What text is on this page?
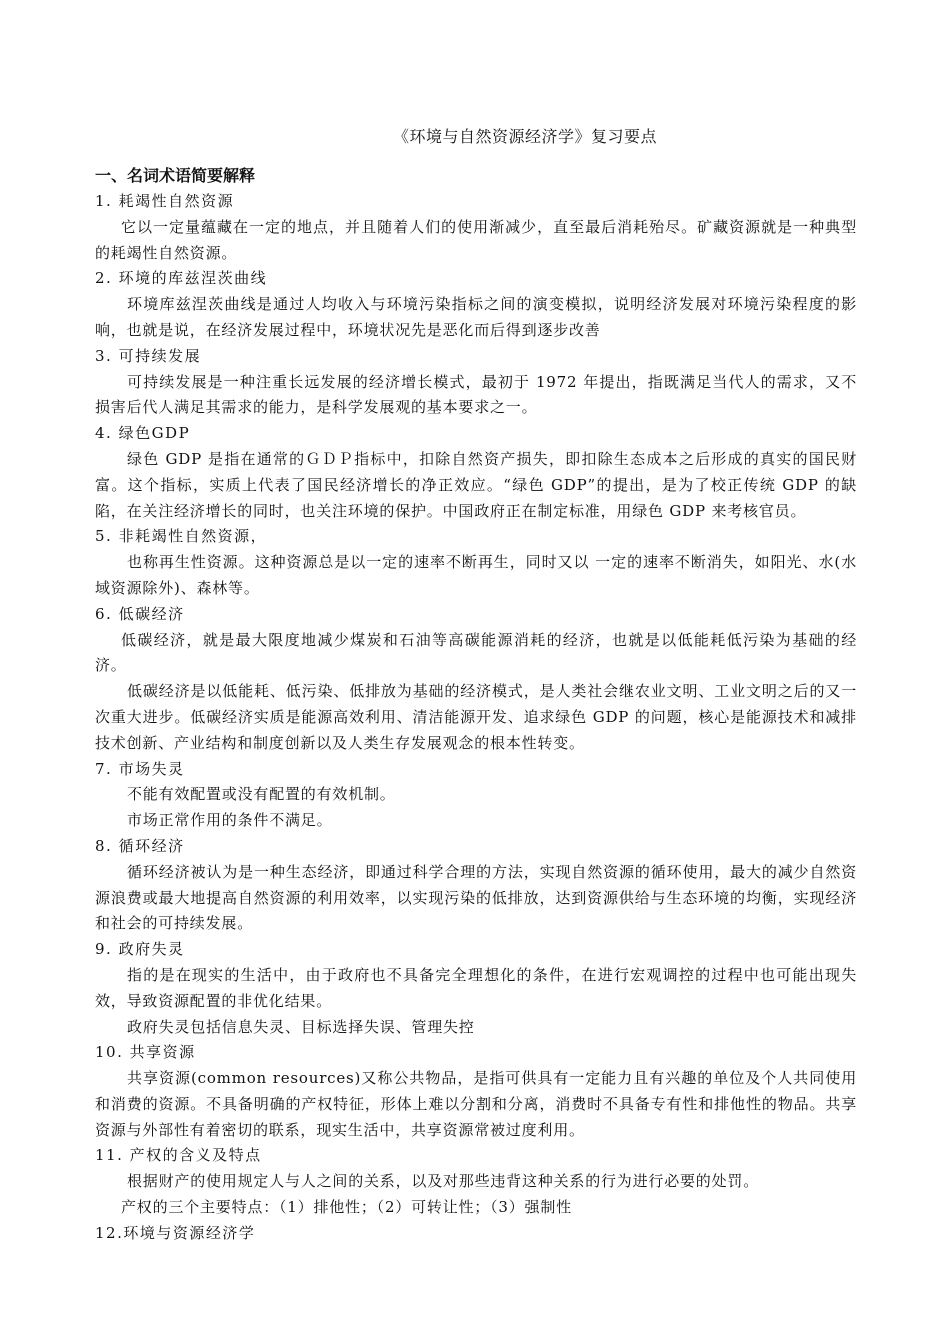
《环境与自然资源经济学》复习要点
一、名词术语简要解释

1. 耗竭性自然资源

它以一定量蕴藏在一定的地点，并且随着人们的使用渐减少，直至最后消耗殆尽。矿藏资源就是一种典型的耗竭性自然资源。

2. 环境的库兹涅茨曲线

环境库兹涅茨曲线是通过人均收入与环境污染指标之间的演变模拟，说明经济发展对环境污染程度的影响，也就是说，在经济发展过程中，环境状况先是恶化而后得到逐步改善

3. 可持续发展

可持续发展是一种注重长远发展的经济增长模式，最初于 1972 年提出，指既满足当代人的需求，又不损害后代人满足其需求的能力，是科学发展观的基本要求之一。

4. 绿色GDP

绿色 GDP 是指在通常的ＧＤＰ指标中，扣除自然资产损失，即扣除生态成本之后形成的真实的国民财富。这个指标，实质上代表了国民经济增长的净正效应。“绿色 GDP”的提出，是为了校正传统 GDP 的缺陷，在关注经济增长的同时，也关注环境的保护。中国政府正在制定标准，用绿色 GDP 来考核官员。

5. 非耗竭性自然资源，

也称再生性资源。这种资源总是以一定的速率不断再生，同时又以 一定的速率不断消失，如阳光、水(水域资源除外)、森林等。

6. 低碳经济

低碳经济，就是最大限度地减少煤炭和石油等高碳能源消耗的经济，也就是以低能耗低污染为基础的经济。

低碳经济是以低能耗、低污染、低排放为基础的经济模式，是人类社会继农业文明、工业文明之后的又一次重大进步。低碳经济实质是能源高效利用、清洁能源开发、追求绿色 GDP 的问题，核心是能源技术和减排技术创新、产业结构和制度创新以及人类生存发展观念的根本性转变。

7. 市场失灵

不能有效配置或没有配置的有效机制。

市场正常作用的条件不满足。

8. 循环经济

循环经济被认为是一种生态经济，即通过科学合理的方法，实现自然资源的循环使用，最大的减少自然资源浪费或最大地提高自然资源的利用效率，以实现污染的低排放，达到资源供给与生态环境的均衡，实现经济和社会的可持续发展。

9. 政府失灵

指的是在现实的生活中，由于政府也不具备完全理想化的条件，在进行宏观调控的过程中也可能出现失效，导致资源配置的非优化结果。

政府失灵包括信息失灵、目标选择失误、管理失控

10. 共享资源

共享资源(common resources)又称公共物品，是指可供具有一定能力且有兴趣的单位及个人共同使用和消费的资源。不具备明确的产权特征，形体上难以分割和分离，消费时不具备专有性和排他性的物品。共享资源与外部性有着密切的联系，现实生活中，共享资源常被过度利用。

11. 产权的含义及特点

根据财产的使用规定人与人之间的关系，以及对那些违背这种关系的行为进行必要的处罚。

产权的三个主要特点：（1）排他性；（2）可转让性；（3）强制性

12.环境与资源经济学
